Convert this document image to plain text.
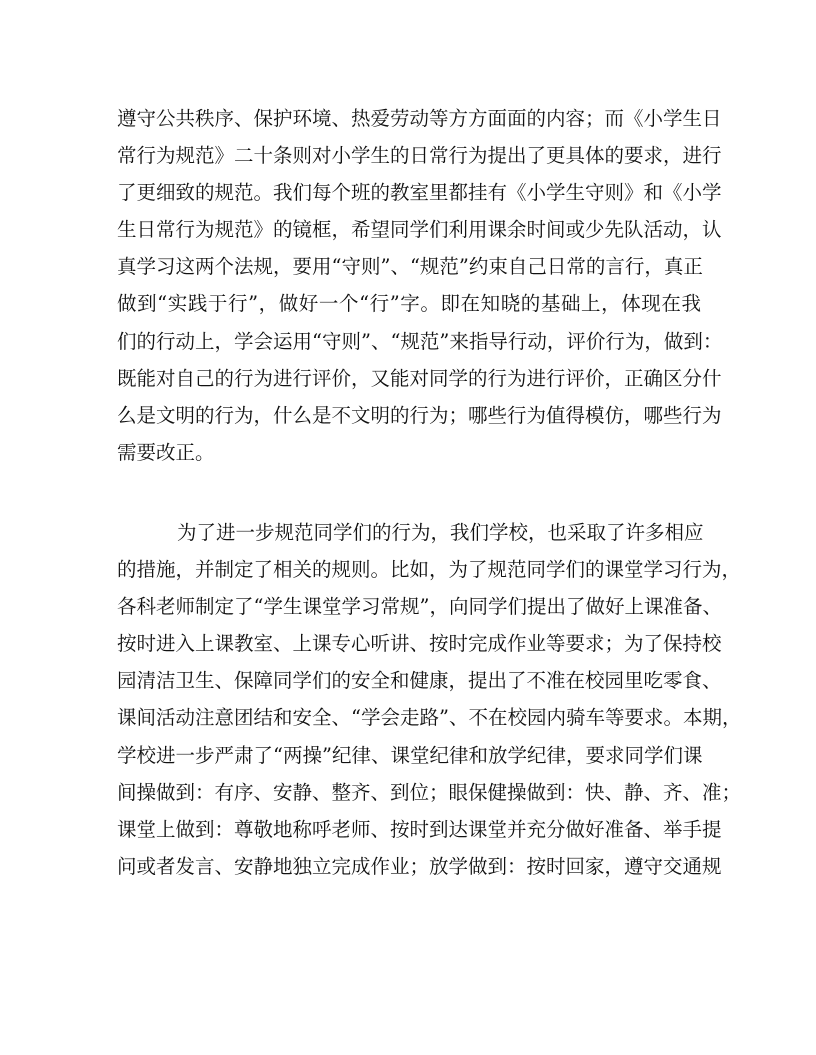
遵守公共秩序、保护环境、热爱劳动等方方面面的内容；而《小学生日
常行为规范》二十条则对小学生的日常行为提出了更具体的要求，进行
了更细致的规范。我们每个班的教室里都挂有《小学生守则》和《小学
生日常行为规范》的镜框，希望同学们利用课余时间或少先队活动，认
真学习这两个法规，要用“守则”、“规范”约束自己日常的言行，真正
做到“实践于行”，做好一个“行”字。即在知晓的基础上，体现在我
们的行动上，学会运用“守则”、“规范”来指导行动，评价行为，做到：
既能对自己的行为进行评价，又能对同学的行为进行评价，正确区分什
么是文明的行为，什么是不文明的行为；哪些行为值得模仿，哪些行为
需要改正。
为了进一步规范同学们的行为，我们学校，也采取了许多相应
的措施，并制定了相关的规则。比如，为了规范同学们的课堂学习行为，
各科老师制定了“学生课堂学习常规”，向同学们提出了做好上课准备、
按时进入上课教室、上课专心听讲、按时完成作业等要求；为了保持校
园清洁卫生、保障同学们的安全和健康，提出了不准在校园里吃零食、
课间活动注意团结和安全、“学会走路”、不在校园内骑车等要求。本期，
学校进一步严肃了“两操”纪律、课堂纪律和放学纪律，要求同学们课
间操做到：有序、安静、整齐、到位；眼保健操做到：快、静、齐、准；
课堂上做到：尊敬地称呼老师、按时到达课堂并充分做好准备、举手提
问或者发言、安静地独立完成作业；放学做到：按时回家，遵守交通规
